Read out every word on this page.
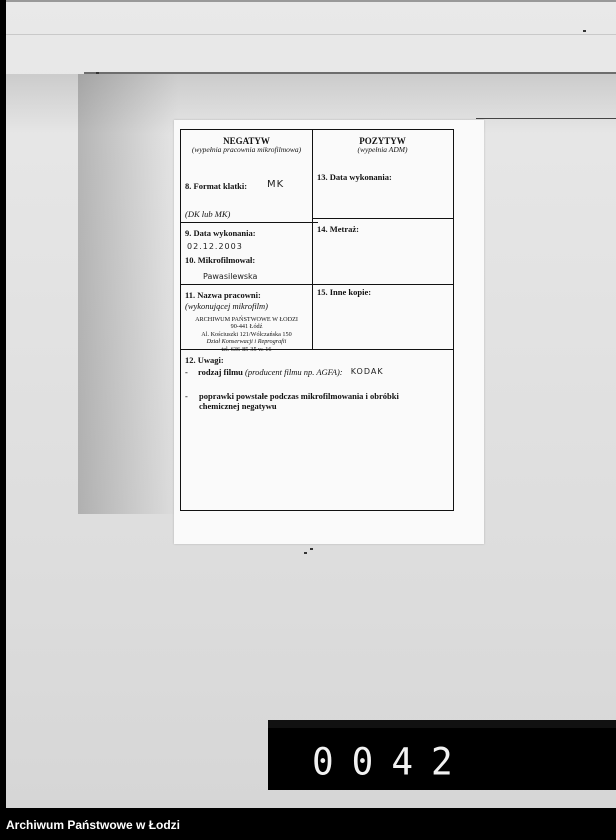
NEGATYW
(wypełnia pracownia mikrofilmowa)
POZYTYW
(wypełnia ADM)
8. Format klatki: MK
(DK lub MK)
13. Data wykonania:
9. Data wykonania:
02.12.2003
10. Mikrofilmował:
Pawasilewska
14. Metraż:
11. Nazwa pracowni:
(wykonującej mikrofilm)
ARCHIWUM PAŃSTWOWE W ŁODZI
90-441 Łódź
Al. Kościuszki 121/Wólczańska 150
Dział Konserwacji i Reprografii
tel. 636-85-35 w. 16
15. Inne kopie:
12. Uwagi:
- rodzaj filmu (producent filmu np. AGFA): KODAK
- poprawki powstałe podczas mikrofilmowania i obróbki chemicznej negatywu
0042
Archiwum Państwowe w Łodzi
